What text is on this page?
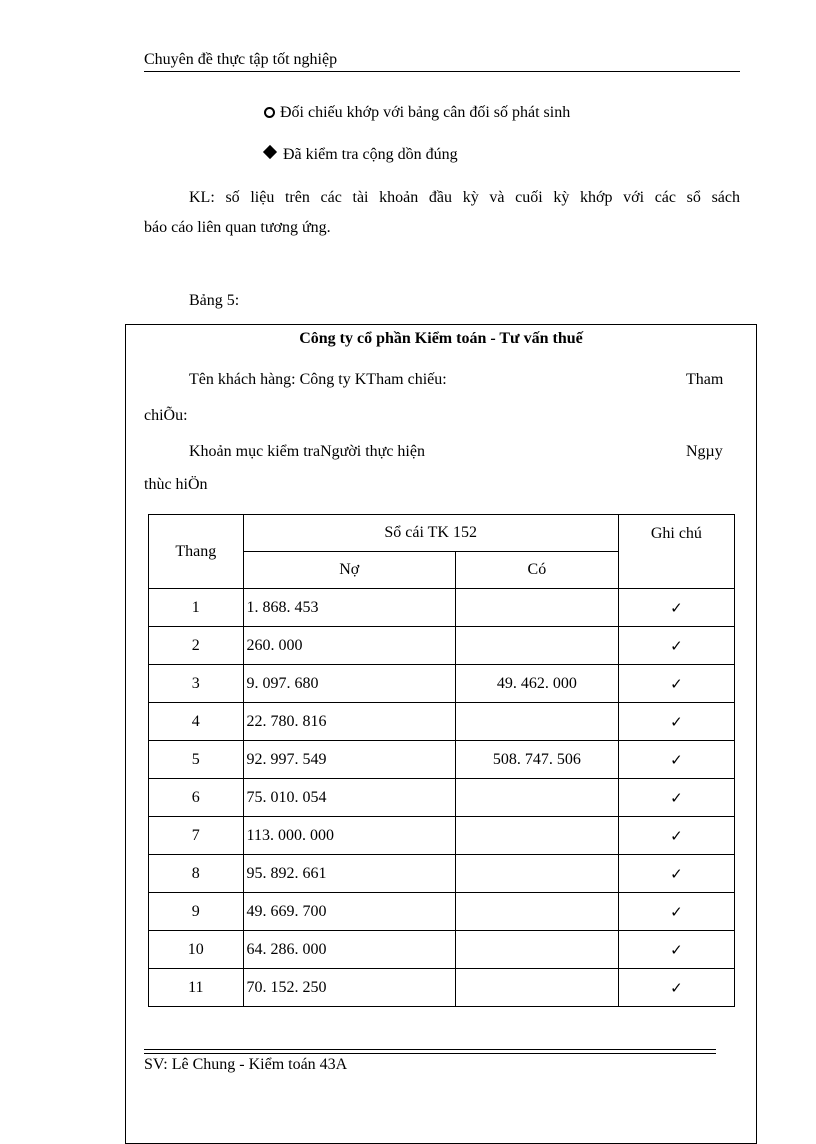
Chuyên đề thực tập tốt nghiệp
Đối chiếu khớp với bảng cân đối số phát sinh
Đã kiểm tra cộng dồn đúng
KL: số liệu trên các tài khoản đầu kỳ và cuối kỳ khớp với các sổ sách
báo cáo liên quan tương ứng.
Bảng 5:
Công ty cổ phần Kiểm toán - Tư vấn thuế
Tên khách hàng: Công ty KTham chiếu:	Tham
chiÕu:
Khoản mục kiểm traNgười thực hiện	Ngµy
thùc hiÖn
Thang	Sổ cái TK 152		Ghi chú
	Nợ	Có	
1	1. 868. 453		✓
2	260. 000		✓
3	9. 097. 680	49. 462. 000	✓
4	22. 780. 816		✓
5	92. 997. 549	508. 747. 506	✓
6	75. 010. 054		✓
7	113. 000. 000		✓
8	95. 892. 661		✓
9	49. 669. 700		✓
10	64. 286. 000		✓
11	70. 152. 250		✓
SV: Lê Chung - Kiểm toán 43A
